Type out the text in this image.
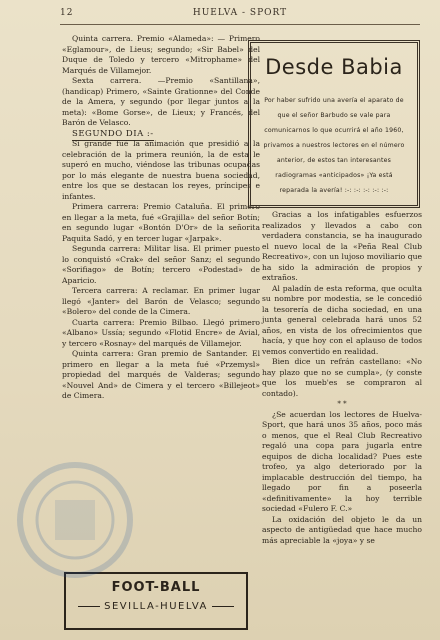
12	HUELVA - SPORT

Quinta carrera. Premio «Alameda»: — Primero «Eglamour», de Lieus; segundo; «Sir Babel» del Duque de Toledo y tercero «Mitrophame» del Marqués de Villamejor.

Sexta carrera. —Premio «Santillana», (handicap) Primero, «Sainte Grationne» del Conde de la Amera, y segundo (por llegar juntos a la meta): «Bome Gorse», de Lieux; y Francés, del Barón de Velasco.

SEGUNDO DIA :-

Si grande fué la animación que presidió a la celebración de la primera reunión, la de esta le superó en mucho, viéndose las tribunas ocupadas por lo más elegante de nuestra buena sociedad, entre los que se destacan los reyes, príncipes e infantes.

Primera carrera: Premio Cataluña. El primero en llegar a la meta, fué «Grajilla» del señor Botín; en segundo lugar «Bontón D'Or» de la señorita Paquita Sadó, y en tercer lugar «Jarpak».

Segunda carrera: Militar lisa. El primer puesto lo conquistó «Crak» del señor Sanz; el segundo «Sorifiago» de Botín; tercero «Podestad» de Aparicio.

Tercera carrera: A reclamar. En primer lugar llegó «Janter» del Barón de Velasco; segundo «Bolero» del conde de la Cimera.

Cuarta carrera: Premio Bilbao. Llegó primero «Albano» Ussía; segundo «Flotid Encre» de Avial, y tercero «Rosnay» del marqués de Villamejor.

Quinta carrera: Gran premio de Santander. El primero en llegar a la meta fué «Przemysl» propiedad del marqués de Valderas; segundo «Nouvel And» de Cimera y el tercero «Billejeot» de Cimera.

FOOT-BALL
SEVILLA-HUELVA
Desde Babia
Por haber sufrido una avería el aparato de que el señor Barbudo se vale para comunicarnos lo que ocurrirá el año 1960, privamos a nuestros lectores en el número anterior, de estos tan interesantes radiogramas «anticipados» ¡Ya está reparada la avería! :-: :-: :-: :-: :-:

Gracias a los infatigables esfuerzos realizados y llevados a cabo con verdadera constancia, se ha inaugurado el nuevo local de la «Peña Real Club Recreativo», con un lujoso moviliario que ha sido la admiración de propios y extraños.

Al paladín de esta reforma, que oculta su nombre por modestia, se le concedió la tesorería de dicha sociedad, en una junta general celebrada hará unos 52 años, en vista de los ofrecimientos que hacía, y que hoy con el aplauso de todos vemos convertido en realidad.

Bien dice un refrán castellano: «No hay plazo que no se cumpla», (y conste que los mueb'es se compraron al contado).

* *

¿Se acuerdan los lectores de Huelva-Sport, que hará unos 35 años, poco más o menos, que el Real Club Recreativo regaló una copa para jugarla entre equipos de dicha localidad? Pues este trofeo, ya algo deteriorado por la implacable destrucción del tiempo, ha llegado por fin a poseerla «definitivamente» la hoy terrible sociedad «Fulero F. C.»

La oxidación del objeto le da un aspecto de antigüedad que hace mucho más apreciable la «joya» y se
